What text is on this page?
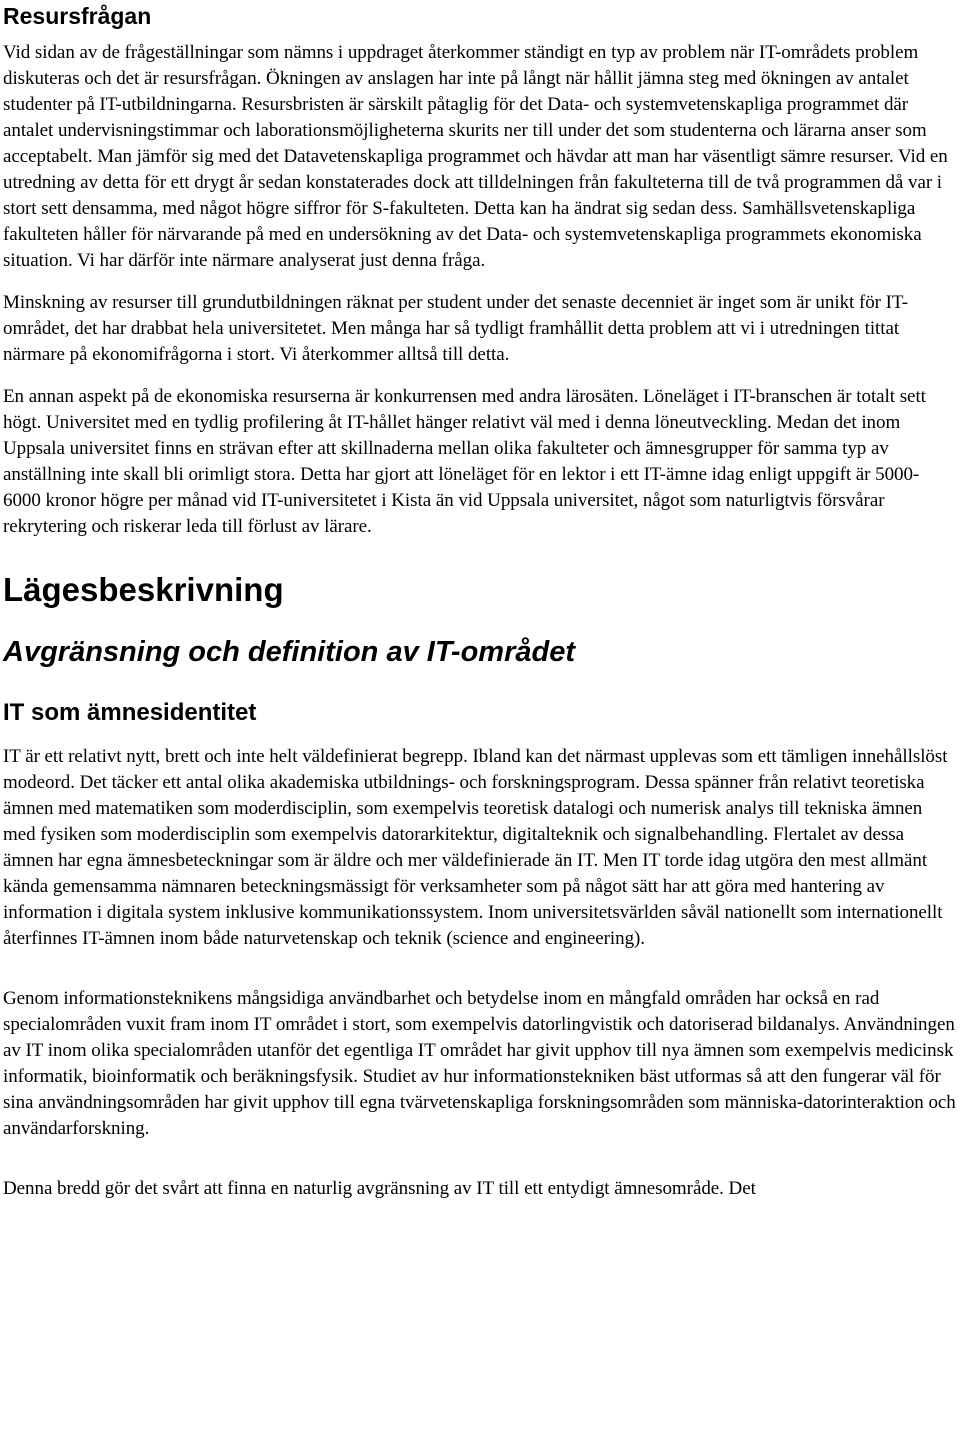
Resursfrågan

Vid sidan av de frågeställningar som nämns i uppdraget återkommer ständigt en typ av problem när IT-områdets problem diskuteras och det är resursfrågan. Ökningen av anslagen har inte på långt när hållit jämna steg med ökningen av antalet studenter på IT-utbildningarna. Resursbristen är särskilt påtaglig för det Data- och systemvetenskapliga programmet där antalet undervisningstimmar och laborationsmöjligheterna skurits ner till under det som studenterna och lärarna anser som acceptabelt. Man jämför sig med det Datavetenskapliga programmet och hävdar att man har väsentligt sämre resurser. Vid en utredning av detta för ett drygt år sedan konstaterades dock att tilldelningen från fakulteterna till de två programmen då var i stort sett densamma, med något högre siffror för S-fakulteten. Detta kan ha ändrat sig sedan dess. Samhällsvetenskapliga fakulteten håller för närvarande på med en undersökning av det Data- och systemvetenskapliga programmets ekonomiska situation. Vi har därför inte närmare analyserat just denna fråga.

Minskning av resurser till grundutbildningen räknat per student under det senaste decenniet är inget som är unikt för IT-området, det har drabbat hela universitetet. Men många har så tydligt framhållit detta problem att vi i utredningen tittat närmare på ekonomifrågorna i stort. Vi återkommer alltså till detta.

En annan aspekt på de ekonomiska resurserna är konkurrensen med andra lärosäten. Löneläget i IT-branschen är totalt sett högt. Universitet med en tydlig profilering åt IT-hållet hänger relativt väl med i denna löneutveckling. Medan det inom Uppsala universitet finns en strävan efter att skillnaderna mellan olika fakulteter och ämnesgrupper för samma typ av anställning inte skall bli orimligt stora. Detta har gjort att löneläget för en lektor i ett IT-ämne idag enligt uppgift är 5000-6000 kronor högre per månad vid IT-universitetet i Kista än vid Uppsala universitet, något som naturligtvis försvårar rekrytering och riskerar leda till förlust av lärare.

Lägesbeskrivning
Avgränsning och definition av IT-området
IT som ämnesidentitet

IT är ett relativt nytt, brett och inte helt väldefinierat begrepp. Ibland kan det närmast upplevas som ett tämligen innehållslöst modeord. Det täcker ett antal olika akademiska utbildnings- och forskningsprogram. Dessa spänner från relativt teoretiska ämnen med matematiken som moderdisciplin, som exempelvis teoretisk datalogi och numerisk analys till tekniska ämnen med fysiken som moderdisciplin som exempelvis datorarkitektur, digitalteknik och signalbehandling. Flertalet av dessa ämnen har egna ämnesbeteckningar som är äldre och mer väldefinierade än IT. Men IT torde idag utgöra den mest allmänt kända gemensamma nämnaren beteckningsmässigt för verksamheter som på något sätt har att göra med hantering av information i digitala system inklusive kommunikationssystem. Inom universitetsvärlden såväl nationellt som internationellt återfinnes IT-ämnen inom både naturvetenskap och teknik (science and engineering).

Genom informationsteknikens mångsidiga användbarhet och betydelse inom en mångfald områden har också en rad specialområden vuxit fram inom IT området i stort, som exempelvis datorlingvistik och datoriserad bildanalys. Användningen av IT inom olika specialområden utanför det egentliga IT området har givit upphov till nya ämnen som exempelvis medicinsk informatik, bioinformatik och beräkningsfysik. Studiet av hur informationstekniken bäst utformas så att den fungerar väl för sina användningsområden har givit upphov till egna tvärvetenskapliga forskningsområden som människa-datorinteraktion och användarforskning.

Denna bredd gör det svårt att finna en naturlig avgränsning av IT till ett entydigt ämnesområde. Det
